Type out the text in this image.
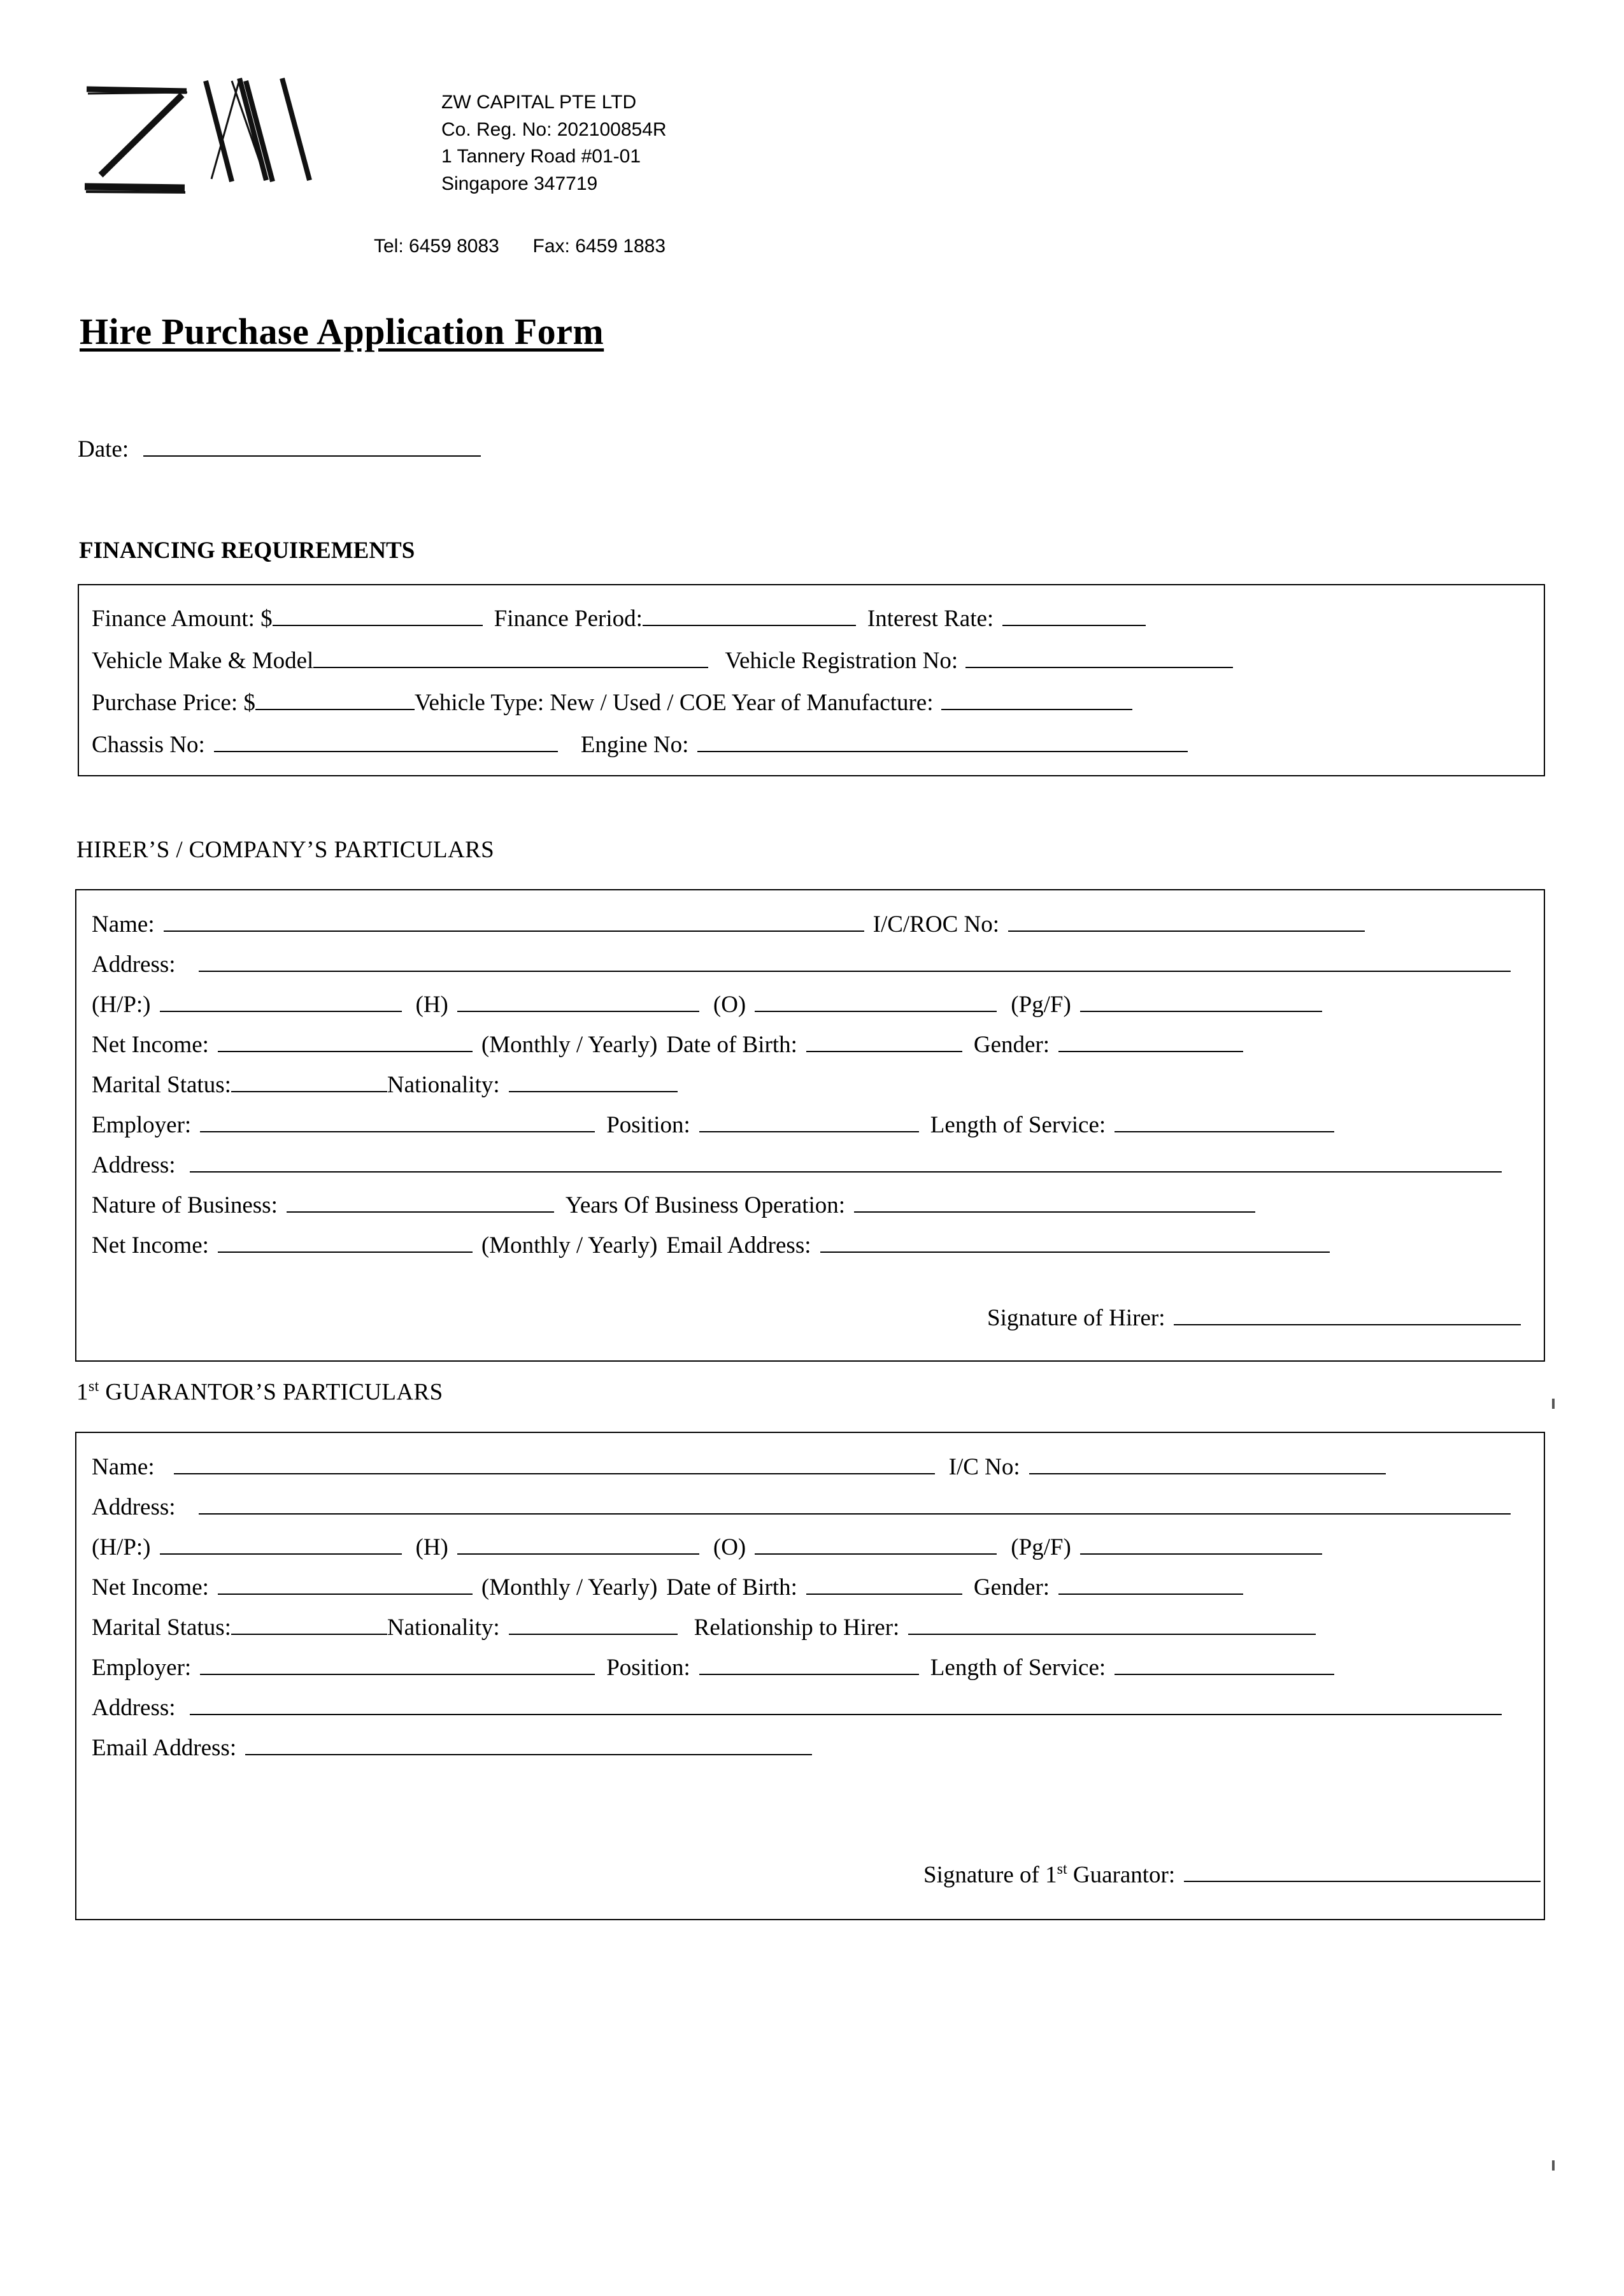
ZW CAPITAL PTE LTD
Co. Reg. No: 202100854R
1 Tannery Road #01-01
Singapore 347719
Tel: 6459 8083 Fax: 6459 1883
Hire Purchase Application Form
Date:
FINANCING REQUIREMENTS
Finance Amount: $	Finance Period:	Interest Rate:
Vehicle Make & Model	Vehicle Registration No:
Purchase Price: $	Vehicle Type: New / Used / COE Year of Manufacture:
Chassis No:	Engine No:
HIRER’S / COMPANY’S PARTICULARS
Name:	I/C/ROC No:
Address:
(H/P:)	(H)	(O)	(Pg/F)
Net Income:	(Monthly / Yearly) Date of Birth:	Gender:
Marital Status:	Nationality:
Employer:	Position:	Length of Service:
Address:
Nature of Business:	Years Of Business Operation:
Net Income:	(Monthly / Yearly) Email Address:
Signature of Hirer:
1st GUARANTOR’S PARTICULARS
Name:	I/C No:
Address:
(H/P:)	(H)	(O)	(Pg/F)
Net Income:	(Monthly / Yearly) Date of Birth:	Gender:
Marital Status:	Nationality:	Relationship to Hirer:
Employer:	Position:	Length of Service:
Address:
Email Address:
Signature of 1st Guarantor:
